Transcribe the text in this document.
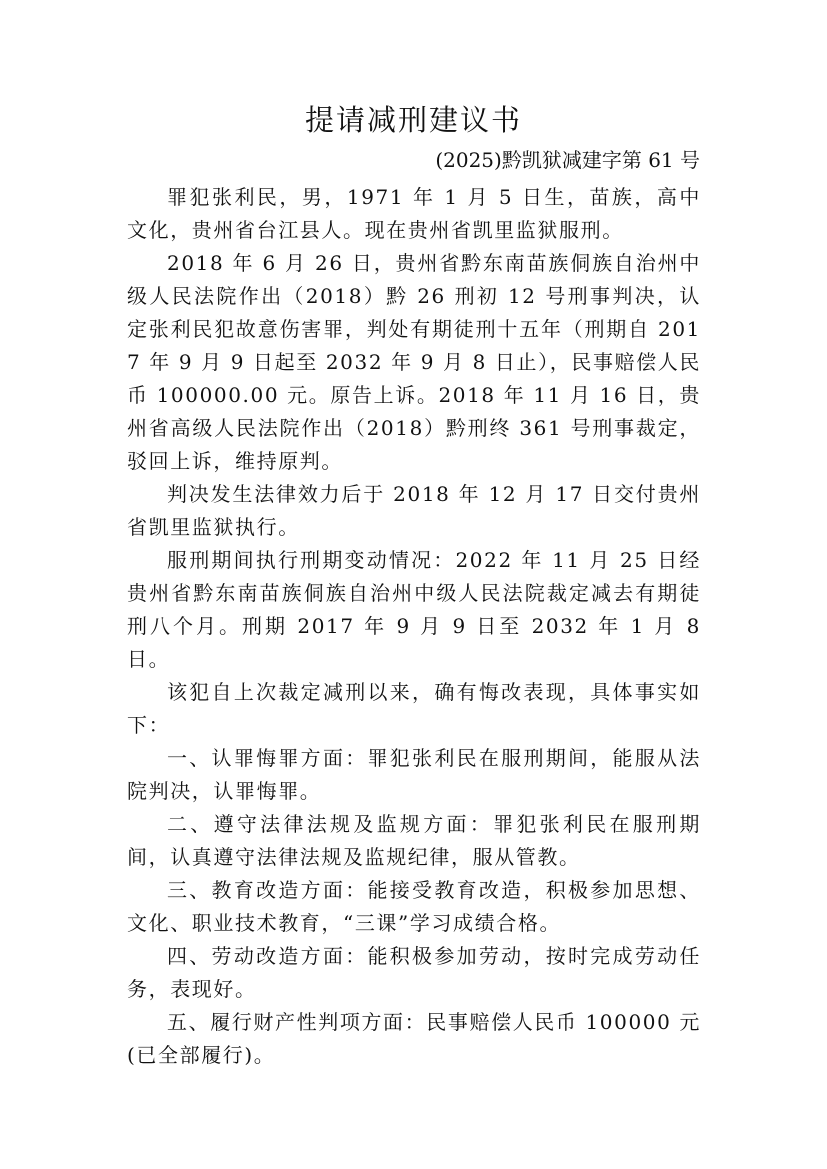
提请减刑建议书
(2025)黔凯狱减建字第 61 号

罪犯张利民，男，1971 年 1 月 5 日生，苗族，高中文化，贵州省台江县人。现在贵州省凯里监狱服刑。

2018 年 6 月 26 日，贵州省黔东南苗族侗族自治州中级人民法院作出（2018）黔 26 刑初 12 号刑事判决，认定张利民犯故意伤害罪，判处有期徒刑十五年（刑期自 2017 年 9 月 9 日起至 2032 年 9 月 8 日止），民事赔偿人民币 100000.00 元。原告上诉。2018 年 11 月 16 日，贵州省高级人民法院作出（2018）黔刑终 361 号刑事裁定，驳回上诉，维持原判。

判决发生法律效力后于 2018 年 12 月 17 日交付贵州省凯里监狱执行。

服刑期间执行刑期变动情况：2022 年 11 月 25 日经贵州省黔东南苗族侗族自治州中级人民法院裁定减去有期徒刑八个月。刑期 2017 年 9 月 9 日至 2032 年 1 月 8 日。

该犯自上次裁定减刑以来，确有悔改表现，具体事实如下：

一、认罪悔罪方面：罪犯张利民在服刑期间，能服从法院判决，认罪悔罪。

二、遵守法律法规及监规方面：罪犯张利民在服刑期间，认真遵守法律法规及监规纪律，服从管教。

三、教育改造方面：能接受教育改造，积极参加思想、文化、职业技术教育，“三课”学习成绩合格。

四、劳动改造方面：能积极参加劳动，按时完成劳动任务，表现好。

五、履行财产性判项方面：民事赔偿人民币 100000 元(已全部履行)。
